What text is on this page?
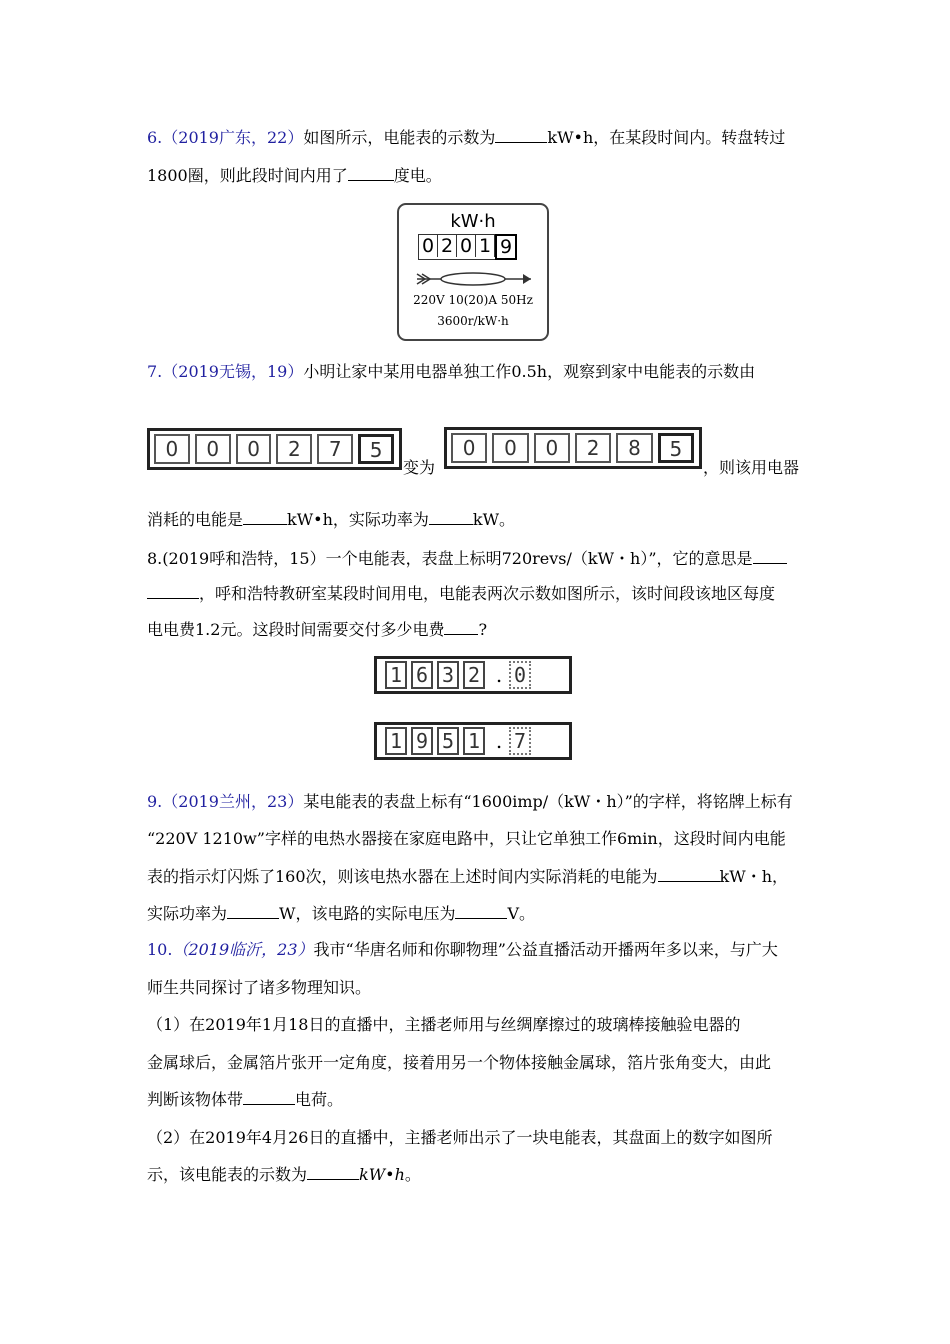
6.（2019广东，22）如图所示，电能表的示数为	kW•h，在某段时间内。转盘转过
1800圈，则此段时间内用了	度电。
kW·h
0 2 0 1 9
220V 10(20)A 50Hz
3600r/kW·h
7.（2019无锡，19）小明让家中某用电器单独工作0.5h，观察到家中电能表的示数由
0	0	0	2	7	5
变为
0	0	0	2	8	5
，则该用电器
消耗的电能是	kW•h，实际功率为	kW。
8.(2019呼和浩特，15）一个电能表，表盘上标明720revs/（kW・h）”，它的意思是
，呼和浩特教研室某段时间用电，电能表两次示数如图所示，该时间段该地区每度
电电费1.2元。这段时间需要交付多少电费 ?
1 6 3 2 . 0
1 9 5 1 . 7
9.（2019兰州，23）某电能表的表盘上标有“1600imp/（kW・h）”的字样，将铭牌上标有
“220V 1210w”字样的电热水器接在家庭电路中，只让它单独工作6min，这段时间内电能
表的指示灯闪烁了160次，则该电热水器在上述时间内实际消耗的电能为	kW・h，
实际功率为	W，该电路的实际电压为	V。
10.（2019临沂，23）我市“华唐名师和你聊物理”公益直播活动开播两年多以来，与广大
师生共同探讨了诸多物理知识。
（1）在2019年1月18日的直播中，主播老师用与丝绸摩擦过的玻璃棒接触验电器的
金属球后，金属箔片张开一定角度，接着用另一个物体接触金属球，箔片张角变大，由此
判断该物体带	电荷。
（2）在2019年4月26日的直播中，主播老师出示了一块电能表，其盘面上的数字如图所
示，该电能表的示数为	kW•h。
